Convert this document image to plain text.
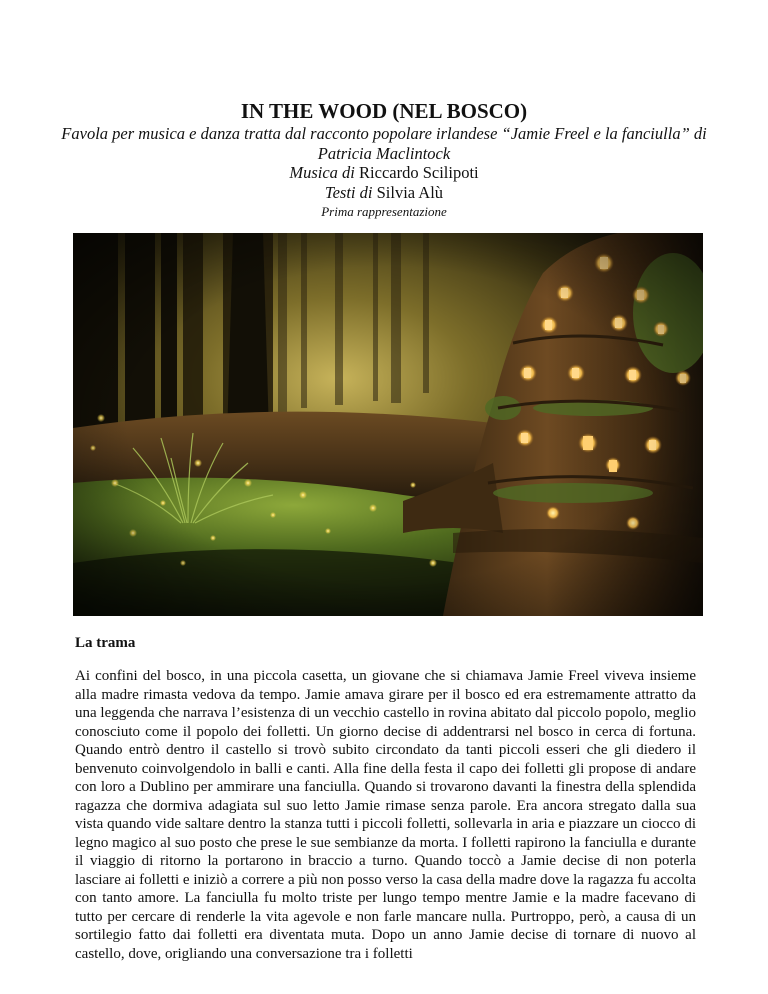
IN THE WOOD (NEL BOSCO)

Favola per musica e danza tratta dal racconto popolare irlandese “Jamie Freel e la fanciulla” di Patricia Maclintock

Musica di Riccardo Scilipoti

Testi di Silvia Alù

Prima rappresentazione

La trama

Ai confini del bosco, in una piccola casetta, un giovane che si chiamava Jamie Freel viveva insieme alla madre rimasta vedova da tempo. Jamie amava girare per il bosco ed era estremamente attratto da una leggenda che narrava l’esistenza di un vecchio castello in rovina abitato dal piccolo popolo, meglio conosciuto come il popolo dei folletti. Un giorno decise di addentrarsi nel bosco in cerca di fortuna. Quando entrò dentro il castello si trovò subito circondato da tanti piccoli esseri che gli diedero il benvenuto coinvolgendolo in balli e canti. Alla fine della festa il capo dei folletti gli propose di andare con loro a Dublino per ammirare una fanciulla. Quando si trovarono davanti la finestra della splendida ragazza che dormiva adagiata sul suo letto Jamie rimase senza parole. Era ancora stregato dalla sua vista quando vide saltare dentro la stanza tutti i piccoli folletti, sollevarla in aria e piazzare un ciocco di legno magico al suo posto che prese le sue sembianze da morta. I folletti rapirono la fanciulla e durante il viaggio di ritorno la portarono in braccio a turno. Quando toccò a Jamie decise di non poterla lasciare ai folletti e iniziò a correre a più non posso verso la casa della madre dove la ragazza fu accolta con tanto amore. La fanciulla fu molto triste per lungo tempo mentre Jamie e la madre facevano di tutto per cercare di renderle la vita agevole e non farle mancare nulla. Purtroppo, però, a causa di un sortilegio fatto dai folletti era diventata muta. Dopo un anno Jamie decise di tornare di nuovo al castello, dove, origliando una conversazione tra i folletti
